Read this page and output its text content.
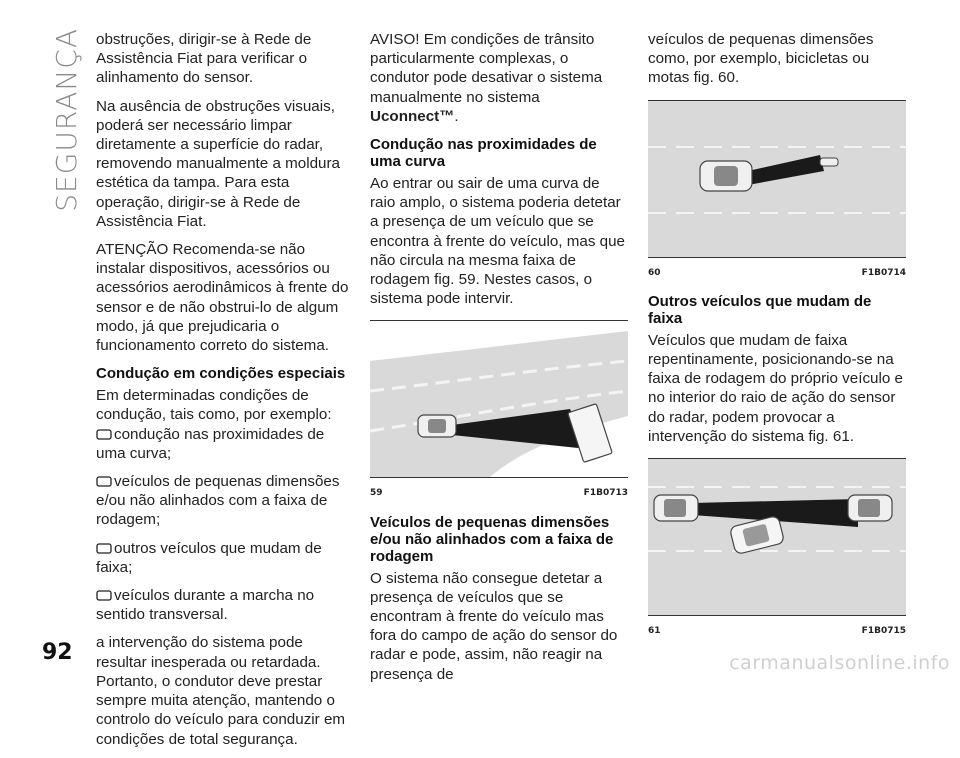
SEGURANÇA
92	carmanualsonline.info

obstruções, dirigir-se à Rede de Assistência Fiat para verificar o alinhamento do sensor.

Na ausência de obstruções visuais, poderá ser necessário limpar diretamente a superfície do radar, removendo manualmente a moldura estética da tampa. Para esta operação, dirigir-se à Rede de Assistência Fiat.

ATENÇÃO Recomenda-se não instalar dispositivos, acessórios ou acessórios aerodinâmicos à frente do sensor e de não obstrui-lo de algum modo, já que prejudicaria o funcionamento correto do sistema.

Condução em condições especiais

Em determinadas condições de condução, tais como, por exemplo:

condução nas proximidades de uma curva;

veículos de pequenas dimensões e/ou não alinhados com a faixa de rodagem;

outros veículos que mudam de faixa;

veículos durante a marcha no sentido transversal.

a intervenção do sistema pode resultar inesperada ou retardada. Portanto, o condutor deve prestar sempre muita atenção, mantendo o controlo do veículo para conduzir em condições de total segurança.

AVISO! Em condições de trânsito particularmente complexas, o condutor pode desativar o sistema manualmente no sistema Uconnect™.

Condução nas proximidades de uma curva

Ao entrar ou sair de uma curva de raio amplo, o sistema poderia detetar a presença de um veículo que se encontra à frente do veículo, mas que não circula na mesma faixa de rodagem fig. 59. Nestes casos, o sistema pode intervir.

59	F1B0713
Veículos de pequenas dimensões e/ou não alinhados com a faixa de rodagem

O sistema não consegue detetar a presença de veículos que se encontram à frente do veículo mas fora do campo de ação do sensor do radar e pode, assim, não reagir na presença de

veículos de pequenas dimensões como, por exemplo, bicicletas ou motas fig. 60.

60	F1B0714
Outros veículos que mudam de faixa

Veículos que mudam de faixa repentinamente, posicionando-se na faixa de rodagem do próprio veículo e no interior do raio de ação do sensor do radar, podem provocar a intervenção do sistema fig. 61.

61	F1B0715
